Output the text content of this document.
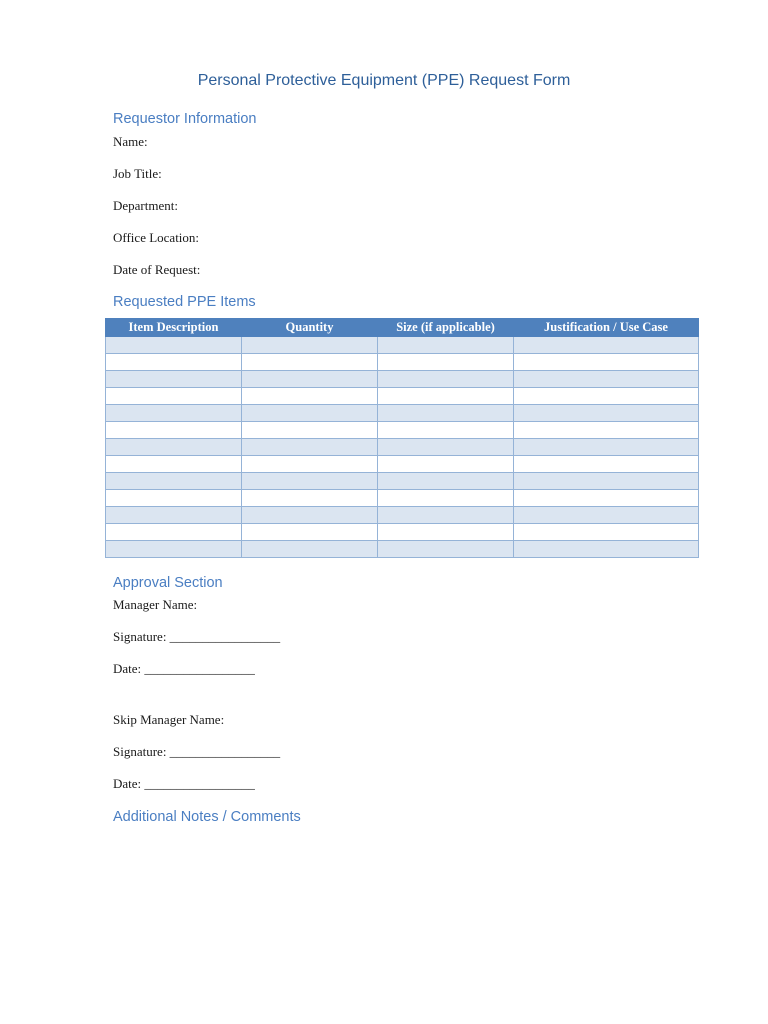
Personal Protective Equipment (PPE) Request Form
Requestor Information
Name:
Job Title:
Department:
Office Location:
Date of Request:
Requested PPE Items
Item Description	Quantity	Size (if applicable)	Justification / Use Case

Approval Section
Manager Name:
Signature: _________________
Date: _________________
Skip Manager Name:
Signature: _________________
Date: _________________
Additional Notes / Comments
